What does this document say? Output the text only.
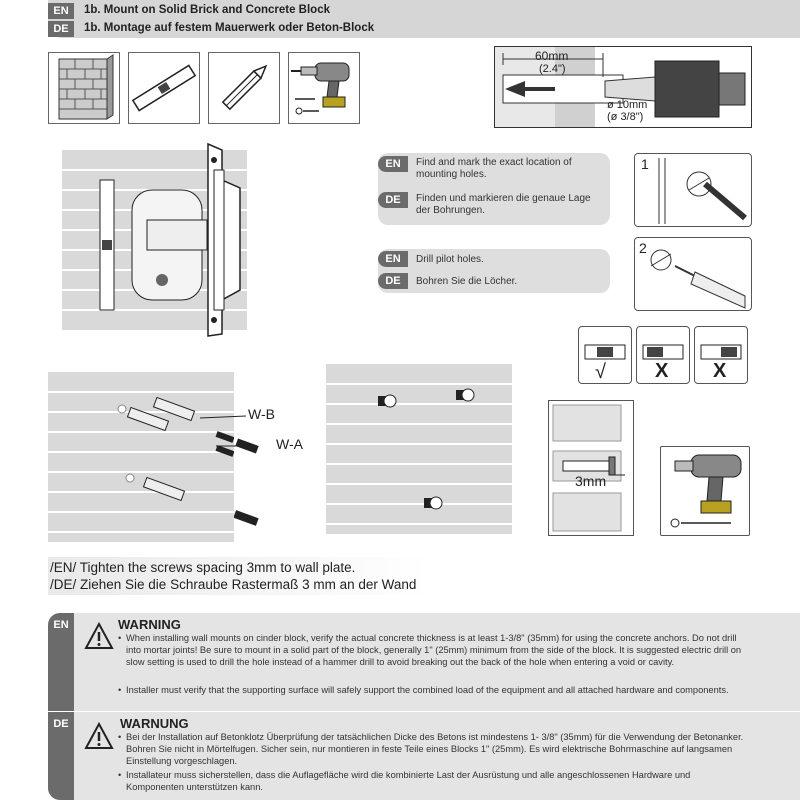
EN
DE
1b. Mount on Solid Brick and Concrete Block
1b. Montage auf festem Mauerwerk oder Beton-Block
60mm
(2.4")
ø 10mm
(ø 3/8")
EN	Find and mark the exact location of mounting holes.
DE	Finden und markieren die genaue Lage der Bohrungen.
EN	Drill pilot holes.
DE	Bohren Sie die Löcher.
1
2
√ X X
W-B
W-A
3mm
/EN/ Tighten the screws spacing 3mm to wall plate.
/DE/ Ziehen Sie die Schraube Rastermaß 3 mm an der Wand
EN	WARNING
• When installing wall mounts on cinder block, verify the actual concrete thickness is at least 1-3/8" (35mm) for using the concrete anchors. Do not drill into mortar joints! Be sure to mount in a solid part of the block, generally 1" (25mm) minimum from the side of the block. It is suggested electric drill on slow setting is used to drill the hole instead of a hammer drill to avoid breaking out the back of the hole when entering a void or cavity.
• Installer must verify that the supporting surface will safely support the combined load of the equipment and all attached hardware and components.
DE	WARNUNG
• Bei der Installation auf Betonklotz Überprüfung der tatsächlichen Dicke des Betons ist mindestens 1- 3/8" (35mm) für die Verwendung der Betonanker. Bohren Sie nicht in Mörtelfugen. Sicher sein, nur montieren in feste Teile eines Blocks 1" (25mm). Es wird elektrische Bohrmaschine auf langsamen Einstellung vorgeschlagen.
• Installateur muss sicherstellen, dass die Auflagefläche wird die kombinierte Last der Ausrüstung und alle angeschlossenen Hardware und Komponenten unterstützen kann.
